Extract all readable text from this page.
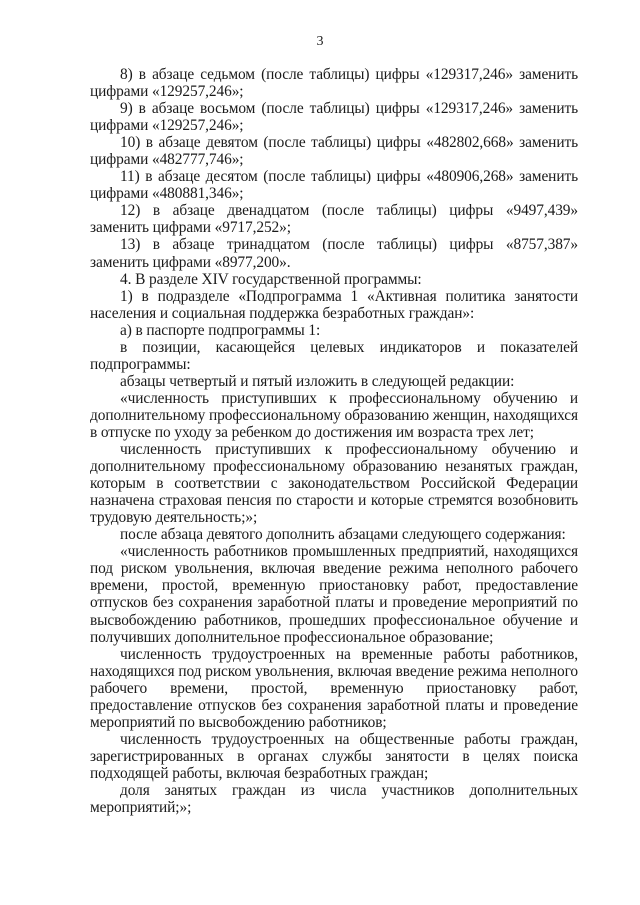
3

8) в абзаце седьмом (после таблицы) цифры «129317,246» заменить цифрами «129257,246»;

9) в абзаце восьмом (после таблицы) цифры «129317,246» заменить цифрами «129257,246»;

10) в абзаце девятом (после таблицы) цифры «482802,668» заменить цифрами «482777,746»;

11) в абзаце десятом (после таблицы) цифры «480906,268» заменить цифрами «480881,346»;

12) в абзаце двенадцатом (после таблицы) цифры «9497,439» заменить цифрами «9717,252»;

13) в абзаце тринадцатом (после таблицы) цифры «8757,387» заменить цифрами «8977,200».

4. В разделе XIV государственной программы:

1) в подразделе «Подпрограмма 1 «Активная политика занятости населения и социальная поддержка безработных граждан»:

а) в паспорте подпрограммы 1:

в позиции, касающейся целевых индикаторов и показателей подпрограммы:

абзацы четвертый и пятый изложить в следующей редакции:

«численность приступивших к профессиональному обучению и дополнительному профессиональному образованию женщин, находящихся в отпуске по уходу за ребенком до достижения им возраста трех лет;

численность приступивших к профессиональному обучению и дополнительному профессиональному образованию незанятых граждан, которым в соответствии с законодательством Российской Федерации назначена страховая пенсия по старости и которые стремятся возобновить трудовую деятельность;»;

после абзаца девятого дополнить абзацами следующего содержания:

«численность работников промышленных предприятий, находящихся под риском увольнения, включая введение режима неполного рабочего времени, простой, временную приостановку работ, предоставление отпусков без сохранения заработной платы и проведение мероприятий по высвобождению работников, прошедших профессиональное обучение и получивших дополнительное профессиональное образование;

численность трудоустроенных на временные работы работников, находящихся под риском увольнения, включая введение режима неполного рабочего времени, простой, временную приостановку работ, предоставление отпусков без сохранения заработной платы и проведение мероприятий по высвобождению работников;

численность трудоустроенных на общественные работы граждан, зарегистрированных в органах службы занятости в целях поиска подходящей работы, включая безработных граждан;

доля занятых граждан из числа участников дополнительных мероприятий;»;
